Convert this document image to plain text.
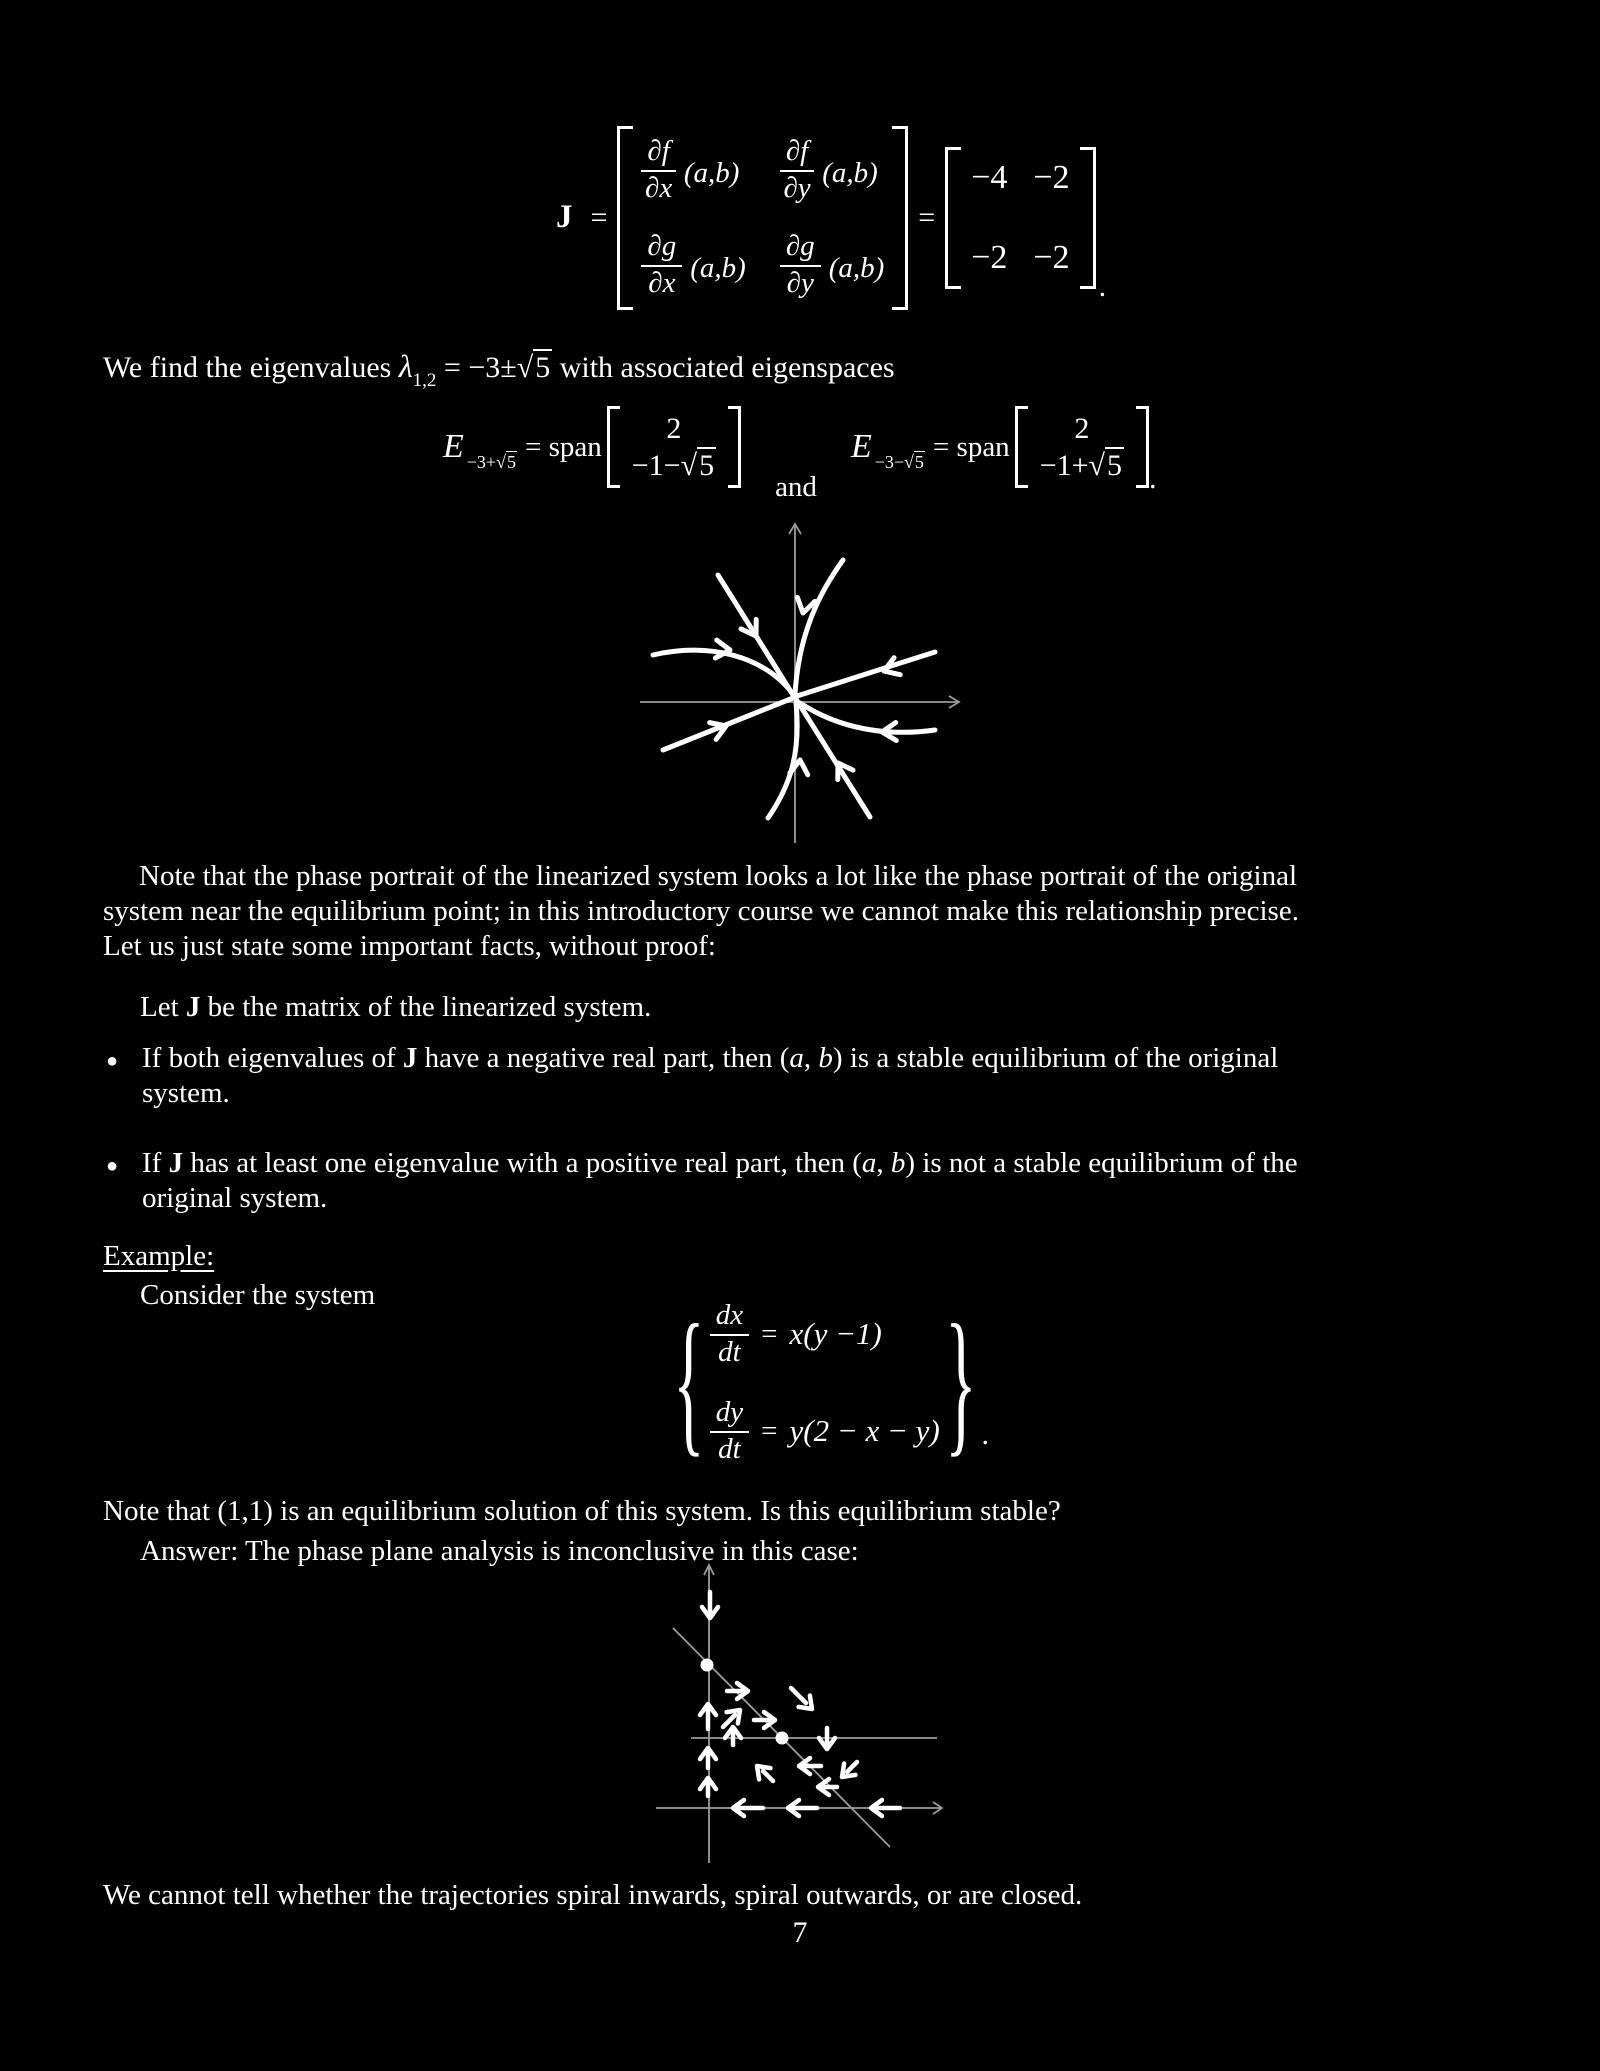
J =
$\frac{\partial f}{\partial x} (a,b) \frac{\partial f}{\partial y} (a,b)$
$\frac{\partial g}{\partial x} (a,b) \frac{\partial g}{\partial y} (a,b)$
=
−4 −2
−2 −2
.
We find the eigenvalues $\lambda_{1,2} = -3\pm√5$ with associated eigenspaces
E −3+√5 = span
2
−1−√5
and
E −3−√5 = span
2
−1+√5 .
Note that the phase portrait of the linearized system looks a lot like the phase portrait of the original
system near the equilibrium point; in this introductory course we cannot make this relationship precise.
Let us just state some important facts, without proof:
Let J be the matrix of the linearized system.
● If both eigenvalues of J have a negative real part, then (a, b) is a stable equilibrium of the original
system.
● If J has at least one eigenvalue with a positive real part, then (a, b) is not a stable equilibrium of the
original system.
Example:
Consider the system	{ $\frac{dx}{dt} = x(y -1)$
$\frac{dy}{dt} = y(2 - x - y)$ } .
Note that (1,1) is an equilibrium solution of this system. Is this equilibrium stable?
Answer: The phase plane analysis is inconclusive in this case:
We cannot tell whether the trajectories spiral inwards, spiral outwards, or are closed.
7
